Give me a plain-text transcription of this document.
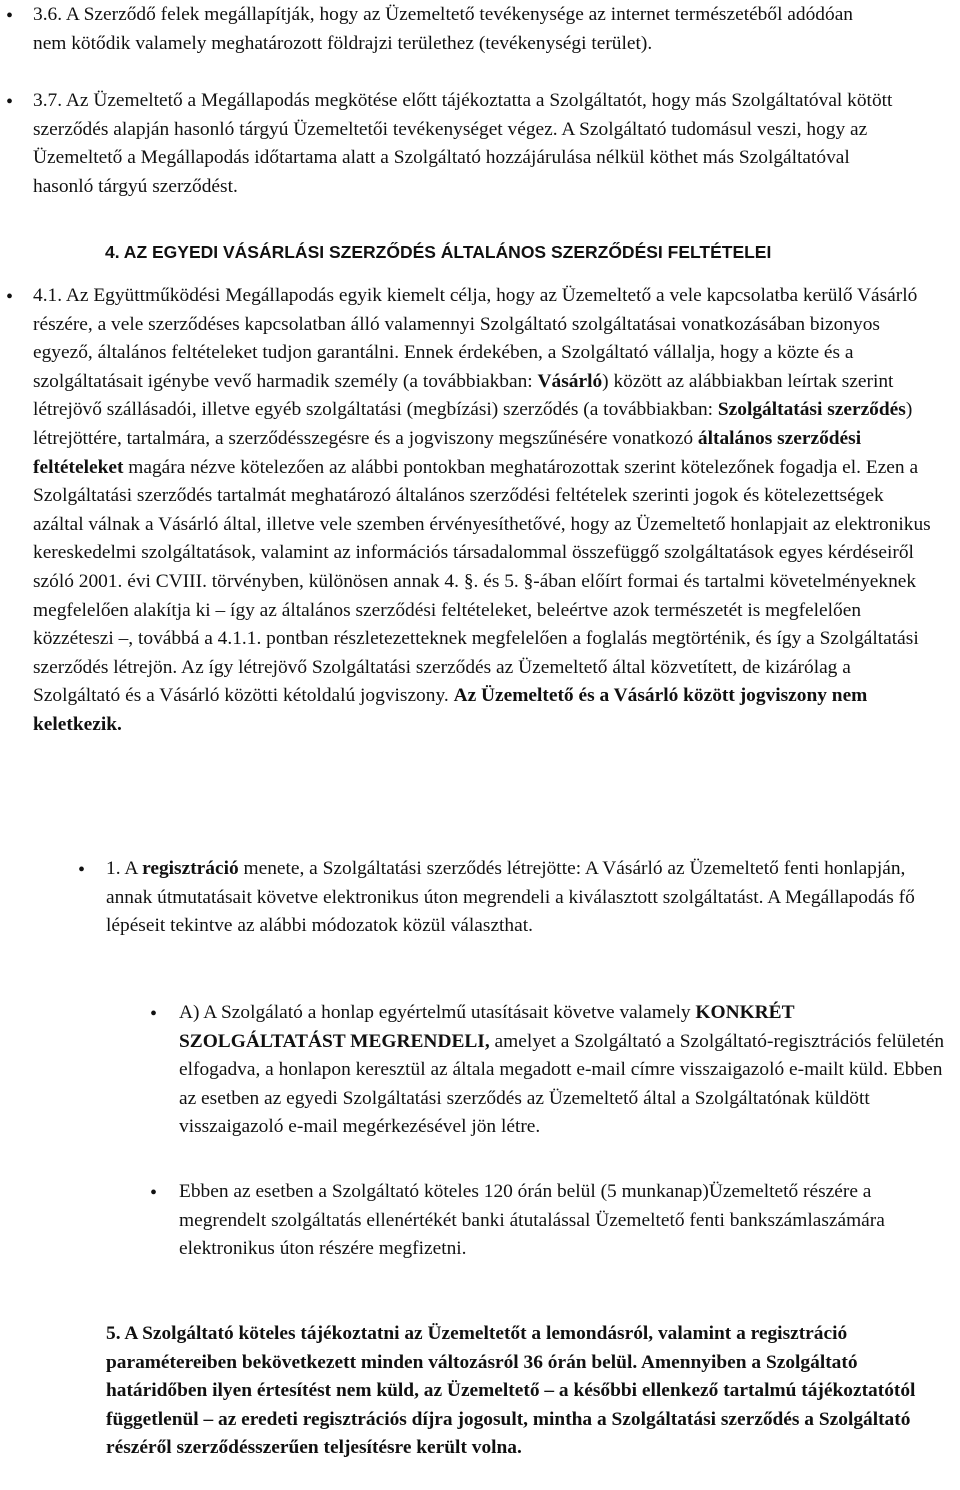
• 3.6. A Szerződő felek megállapítják, hogy az Üzemeltető tevékenysége az internet természetéből adódóan nem kötődik valamely meghatározott földrajzi területhez (tevékenységi terület).

• 3.7. Az Üzemeltető a Megállapodás megkötése előtt tájékoztatta a Szolgáltatót, hogy más Szolgáltatóval kötött szerződés alapján hasonló tárgyú Üzemeltetői tevékenységet végez. A Szolgáltató tudomásul veszi, hogy az Üzemeltető a Megállapodás időtartama alatt a Szolgáltató hozzájárulása nélkül köthet más Szolgáltatóval hasonló tárgyú szerződést.

4. AZ EGYEDI VÁSÁRLÁSI SZERZŐDÉS ÁLTALÁNOS SZERZŐDÉSI FELTÉTELEI
• 4.1. Az Együttműködési Megállapodás egyik kiemelt célja, hogy az Üzemeltető a vele kapcsolatba kerülő Vásárló részére, a vele szerződéses kapcsolatban álló valamennyi Szolgáltató szolgáltatásai vonatkozásában bizonyos egyező, általános feltételeket tudjon garantálni. Ennek érdekében, a Szolgáltató vállalja, hogy a közte és a szolgáltatásait igénybe vevő harmadik személy (a továbbiakban: Vásárló) között az alábbiakban leírtak szerint létrejövő szállásadói, illetve egyéb szolgáltatási (megbízási) szerződés (a továbbiakban: Szolgáltatási szerződés) létrejöttére, tartalmára, a szerződésszegésre és a jogviszony megszűnésére vonatkozó általános szerződési feltételeket magára nézve kötelezően az alábbi pontokban meghatározottak szerint kötelezőnek fogadja el. Ezen a Szolgáltatási szerződés tartalmát meghatározó általános szerződési feltételek szerinti jogok és kötelezettségek azáltal válnak a Vásárló által, illetve vele szemben érvényesíthetővé, hogy az Üzemeltető honlapjait az elektronikus kereskedelmi szolgáltatások, valamint az információs társadalommal összefüggő szolgáltatások egyes kérdéseiről szóló 2001. évi CVIII. törvényben, különösen annak 4. §. és 5. §-ában előírt formai és tartalmi követelményeknek megfelelően alakítja ki – így az általános szerződési feltételeket, beleértve azok természetét is megfelelően közzéteszi –, továbbá a 4.1.1. pontban részletezetteknek megfelelően a foglalás megtörténik, és így a Szolgáltatási szerződés létrejön. Az így létrejövő Szolgáltatási szerződés az Üzemeltető által közvetített, de kizárólag a Szolgáltató és a Vásárló közötti kétoldalú jogviszony. Az Üzemeltető és a Vásárló között jogviszony nem keletkezik.

• 1. A regisztráció menete, a Szolgáltatási szerződés létrejötte: A Vásárló az Üzemeltető fenti honlapján, annak útmutatásait követve elektronikus úton megrendeli a kiválasztott szolgáltatást. A Megállapodás fő lépéseit tekintve az alábbi módozatok közül választhat.

• A) A Szolgálató a honlap egyértelmű utasításait követve valamely KONKRÉT SZOLGÁLTATÁST MEGRENDELI, amelyet a Szolgáltató a Szolgáltató-regisztrációs felületén elfogadva, a honlapon keresztül az általa megadott e-mail címre visszaigazoló e-mailt küld. Ebben az esetben az egyedi Szolgáltatási szerződés az Üzemeltető által a Szolgáltatónak küldött visszaigazoló e-mail megérkezésével jön létre.

• Ebben az esetben a Szolgáltató köteles 120 órán belül (5 munkanap)Üzemeltető részére a megrendelt szolgáltatás ellenértékét banki átutalással Üzemeltető fenti bankszámlaszámára elektronikus úton részére megfizetni.

5. A Szolgáltató köteles tájékoztatni az Üzemeltetőt a lemondásról, valamint a regisztráció paramétereiben bekövetkezett minden változásról 36 órán belül. Amennyiben a Szolgáltató határidőben ilyen értesítést nem küld, az Üzemeltető – a későbbi ellenkező tartalmú tájékoztatótól függetlenül – az eredeti regisztrációs díjra jogosult, mintha a Szolgáltatási szerződés a Szolgáltató részéről szerződésszerűen teljesítésre került volna.
